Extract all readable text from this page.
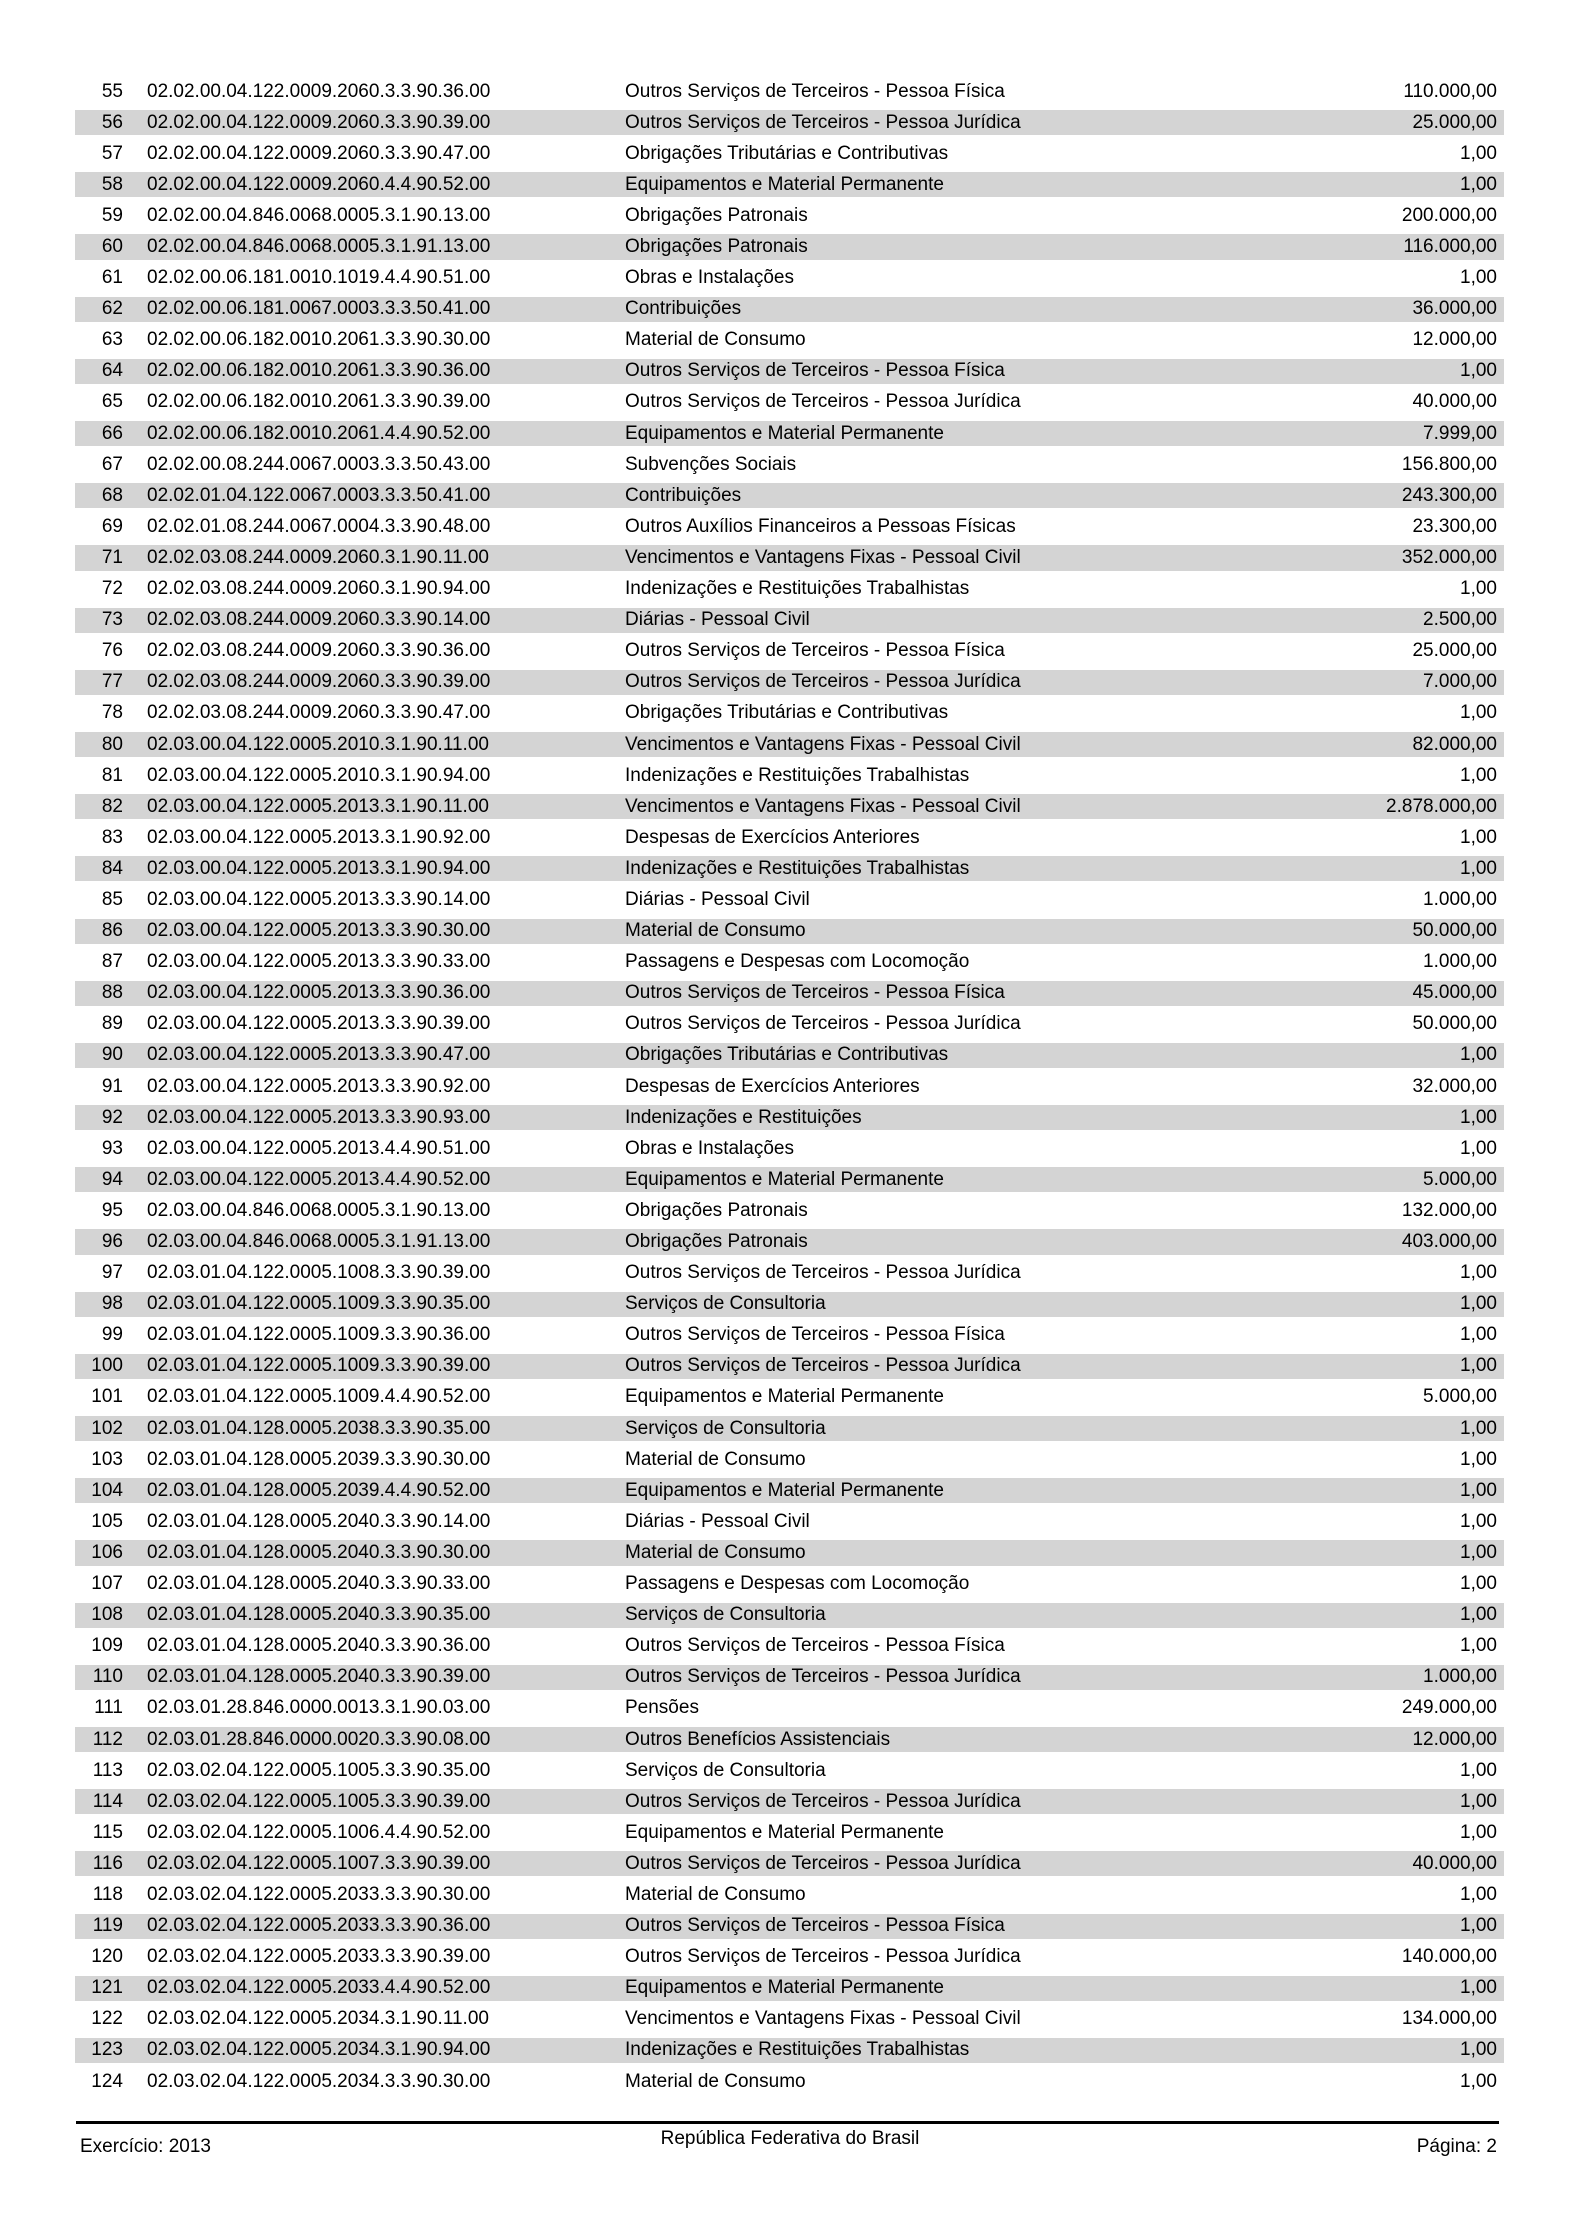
55	02.02.00.04.122.0009.2060.3.3.90.36.00	Outros Serviços de Terceiros - Pessoa Física	110.000,00
56	02.02.00.04.122.0009.2060.3.3.90.39.00	Outros Serviços de Terceiros - Pessoa Jurídica	25.000,00
57	02.02.00.04.122.0009.2060.3.3.90.47.00	Obrigações Tributárias e Contributivas	1,00
58	02.02.00.04.122.0009.2060.4.4.90.52.00	Equipamentos e Material Permanente	1,00
59	02.02.00.04.846.0068.0005.3.1.90.13.00	Obrigações Patronais	200.000,00
60	02.02.00.04.846.0068.0005.3.1.91.13.00	Obrigações Patronais	116.000,00
61	02.02.00.06.181.0010.1019.4.4.90.51.00	Obras e Instalações	1,00
62	02.02.00.06.181.0067.0003.3.3.50.41.00	Contribuições	36.000,00
63	02.02.00.06.182.0010.2061.3.3.90.30.00	Material de Consumo	12.000,00
64	02.02.00.06.182.0010.2061.3.3.90.36.00	Outros Serviços de Terceiros - Pessoa Física	1,00
65	02.02.00.06.182.0010.2061.3.3.90.39.00	Outros Serviços de Terceiros - Pessoa Jurídica	40.000,00
66	02.02.00.06.182.0010.2061.4.4.90.52.00	Equipamentos e Material Permanente	7.999,00
67	02.02.00.08.244.0067.0003.3.3.50.43.00	Subvenções Sociais	156.800,00
68	02.02.01.04.122.0067.0003.3.3.50.41.00	Contribuições	243.300,00
69	02.02.01.08.244.0067.0004.3.3.90.48.00	Outros Auxílios Financeiros a Pessoas Físicas	23.300,00
71	02.02.03.08.244.0009.2060.3.1.90.11.00	Vencimentos e Vantagens Fixas - Pessoal Civil	352.000,00
72	02.02.03.08.244.0009.2060.3.1.90.94.00	Indenizações e Restituições Trabalhistas	1,00
73	02.02.03.08.244.0009.2060.3.3.90.14.00	Diárias - Pessoal Civil	2.500,00
76	02.02.03.08.244.0009.2060.3.3.90.36.00	Outros Serviços de Terceiros - Pessoa Física	25.000,00
77	02.02.03.08.244.0009.2060.3.3.90.39.00	Outros Serviços de Terceiros - Pessoa Jurídica	7.000,00
78	02.02.03.08.244.0009.2060.3.3.90.47.00	Obrigações Tributárias e Contributivas	1,00
80	02.03.00.04.122.0005.2010.3.1.90.11.00	Vencimentos e Vantagens Fixas - Pessoal Civil	82.000,00
81	02.03.00.04.122.0005.2010.3.1.90.94.00	Indenizações e Restituições Trabalhistas	1,00
82	02.03.00.04.122.0005.2013.3.1.90.11.00	Vencimentos e Vantagens Fixas - Pessoal Civil	2.878.000,00
83	02.03.00.04.122.0005.2013.3.1.90.92.00	Despesas de Exercícios Anteriores	1,00
84	02.03.00.04.122.0005.2013.3.1.90.94.00	Indenizações e Restituições Trabalhistas	1,00
85	02.03.00.04.122.0005.2013.3.3.90.14.00	Diárias - Pessoal Civil	1.000,00
86	02.03.00.04.122.0005.2013.3.3.90.30.00	Material de Consumo	50.000,00
87	02.03.00.04.122.0005.2013.3.3.90.33.00	Passagens e Despesas com Locomoção	1.000,00
88	02.03.00.04.122.0005.2013.3.3.90.36.00	Outros Serviços de Terceiros - Pessoa Física	45.000,00
89	02.03.00.04.122.0005.2013.3.3.90.39.00	Outros Serviços de Terceiros - Pessoa Jurídica	50.000,00
90	02.03.00.04.122.0005.2013.3.3.90.47.00	Obrigações Tributárias e Contributivas	1,00
91	02.03.00.04.122.0005.2013.3.3.90.92.00	Despesas de Exercícios Anteriores	32.000,00
92	02.03.00.04.122.0005.2013.3.3.90.93.00	Indenizações e Restituições	1,00
93	02.03.00.04.122.0005.2013.4.4.90.51.00	Obras e Instalações	1,00
94	02.03.00.04.122.0005.2013.4.4.90.52.00	Equipamentos e Material Permanente	5.000,00
95	02.03.00.04.846.0068.0005.3.1.90.13.00	Obrigações Patronais	132.000,00
96	02.03.00.04.846.0068.0005.3.1.91.13.00	Obrigações Patronais	403.000,00
97	02.03.01.04.122.0005.1008.3.3.90.39.00	Outros Serviços de Terceiros - Pessoa Jurídica	1,00
98	02.03.01.04.122.0005.1009.3.3.90.35.00	Serviços de Consultoria	1,00
99	02.03.01.04.122.0005.1009.3.3.90.36.00	Outros Serviços de Terceiros - Pessoa Física	1,00
100	02.03.01.04.122.0005.1009.3.3.90.39.00	Outros Serviços de Terceiros - Pessoa Jurídica	1,00
101	02.03.01.04.122.0005.1009.4.4.90.52.00	Equipamentos e Material Permanente	5.000,00
102	02.03.01.04.128.0005.2038.3.3.90.35.00	Serviços de Consultoria	1,00
103	02.03.01.04.128.0005.2039.3.3.90.30.00	Material de Consumo	1,00
104	02.03.01.04.128.0005.2039.4.4.90.52.00	Equipamentos e Material Permanente	1,00
105	02.03.01.04.128.0005.2040.3.3.90.14.00	Diárias - Pessoal Civil	1,00
106	02.03.01.04.128.0005.2040.3.3.90.30.00	Material de Consumo	1,00
107	02.03.01.04.128.0005.2040.3.3.90.33.00	Passagens e Despesas com Locomoção	1,00
108	02.03.01.04.128.0005.2040.3.3.90.35.00	Serviços de Consultoria	1,00
109	02.03.01.04.128.0005.2040.3.3.90.36.00	Outros Serviços de Terceiros - Pessoa Física	1,00
110	02.03.01.04.128.0005.2040.3.3.90.39.00	Outros Serviços de Terceiros - Pessoa Jurídica	1.000,00
111	02.03.01.28.846.0000.0013.3.1.90.03.00	Pensões	249.000,00
112	02.03.01.28.846.0000.0020.3.3.90.08.00	Outros Benefícios Assistenciais	12.000,00
113	02.03.02.04.122.0005.1005.3.3.90.35.00	Serviços de Consultoria	1,00
114	02.03.02.04.122.0005.1005.3.3.90.39.00	Outros Serviços de Terceiros - Pessoa Jurídica	1,00
115	02.03.02.04.122.0005.1006.4.4.90.52.00	Equipamentos e Material Permanente	1,00
116	02.03.02.04.122.0005.1007.3.3.90.39.00	Outros Serviços de Terceiros - Pessoa Jurídica	40.000,00
118	02.03.02.04.122.0005.2033.3.3.90.30.00	Material de Consumo	1,00
119	02.03.02.04.122.0005.2033.3.3.90.36.00	Outros Serviços de Terceiros - Pessoa Física	1,00
120	02.03.02.04.122.0005.2033.3.3.90.39.00	Outros Serviços de Terceiros - Pessoa Jurídica	140.000,00
121	02.03.02.04.122.0005.2033.4.4.90.52.00	Equipamentos e Material Permanente	1,00
122	02.03.02.04.122.0005.2034.3.1.90.11.00	Vencimentos e Vantagens Fixas - Pessoal Civil	134.000,00
123	02.03.02.04.122.0005.2034.3.1.90.94.00	Indenizações e Restituições Trabalhistas	1,00
124	02.03.02.04.122.0005.2034.3.3.90.30.00	Material de Consumo	1,00
Exercício: 2013	República Federativa do Brasil	Página: 2
